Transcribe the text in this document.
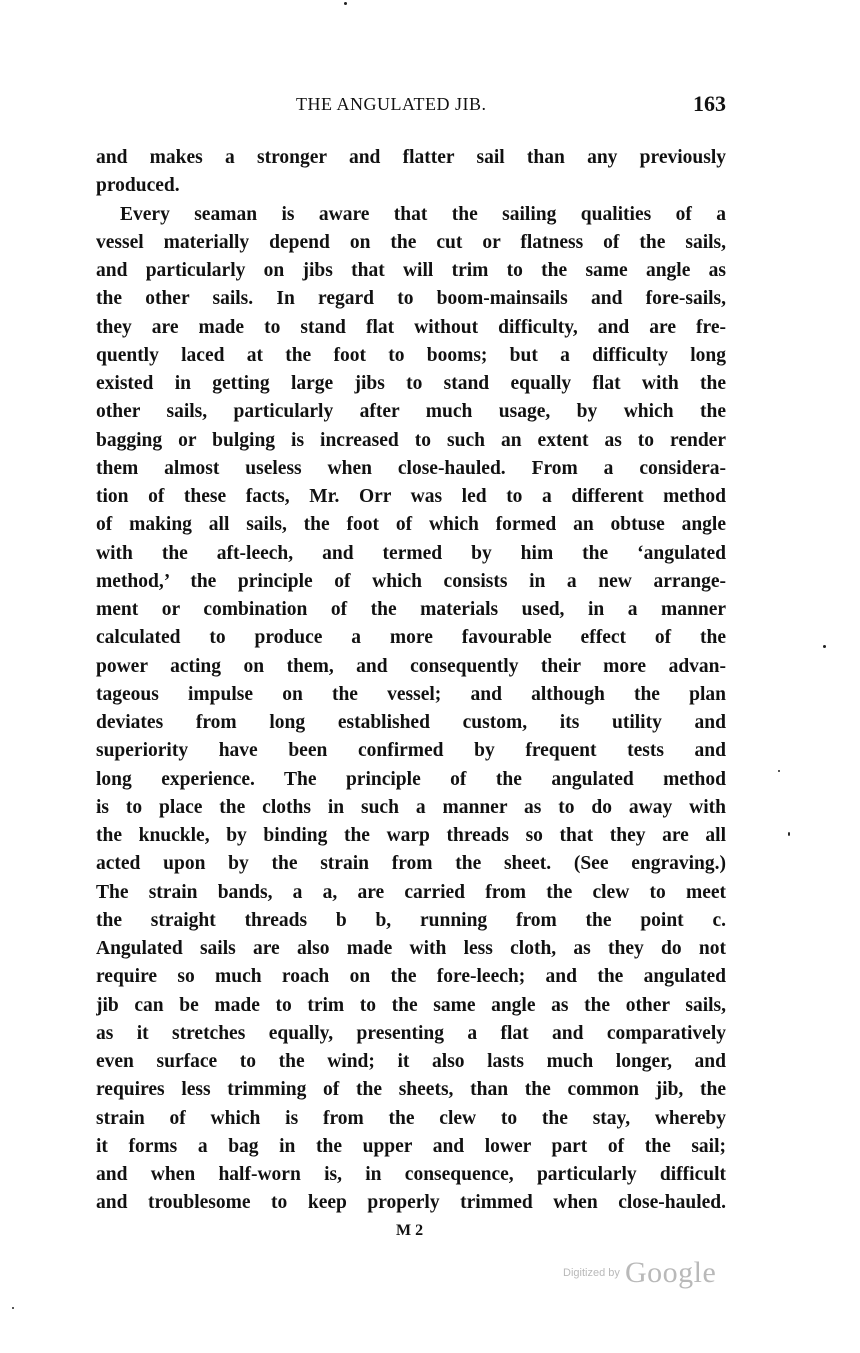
THE ANGULATED JIB.	163
and makes a stronger and flatter sail than any previously
produced.
Every seaman is aware that the sailing qualities of a
vessel materially depend on the cut or flatness of the sails,
and particularly on jibs that will trim to the same angle as
the other sails. In regard to boom-mainsails and fore-sails,
they are made to stand flat without difficulty, and are fre-
quently laced at the foot to booms; but a difficulty long
existed in getting large jibs to stand equally flat with the
other sails, particularly after much usage, by which the
bagging or bulging is increased to such an extent as to render
them almost useless when close-hauled. From a considera-
tion of these facts, Mr. Orr was led to a different method
of making all sails, the foot of which formed an obtuse angle
with the aft-leech, and termed by him the ‘angulated
method,’ the principle of which consists in a new arrange-
ment or combination of the materials used, in a manner
calculated to produce a more favourable effect of the
power acting on them, and consequently their more advan-
tageous impulse on the vessel; and although the plan
deviates from long established custom, its utility and
superiority have been confirmed by frequent tests and
long experience. The principle of the angulated method
is to place the cloths in such a manner as to do away with
the knuckle, by binding the warp threads so that they are all
acted upon by the strain from the sheet. (See engraving.)
The strain bands, a a, are carried from the clew to meet
the straight threads b b, running from the point c.
Angulated sails are also made with less cloth, as they do not
require so much roach on the fore-leech; and the angulated
jib can be made to trim to the same angle as the other sails,
as it stretches equally, presenting a flat and comparatively
even surface to the wind; it also lasts much longer, and
requires less trimming of the sheets, than the common jib, the
strain of which is from the clew to the stay, whereby
it forms a bag in the upper and lower part of the sail;
and when half-worn is, in consequence, particularly difficult
and troublesome to keep properly trimmed when close-hauled.
M 2
Digitized by Google
